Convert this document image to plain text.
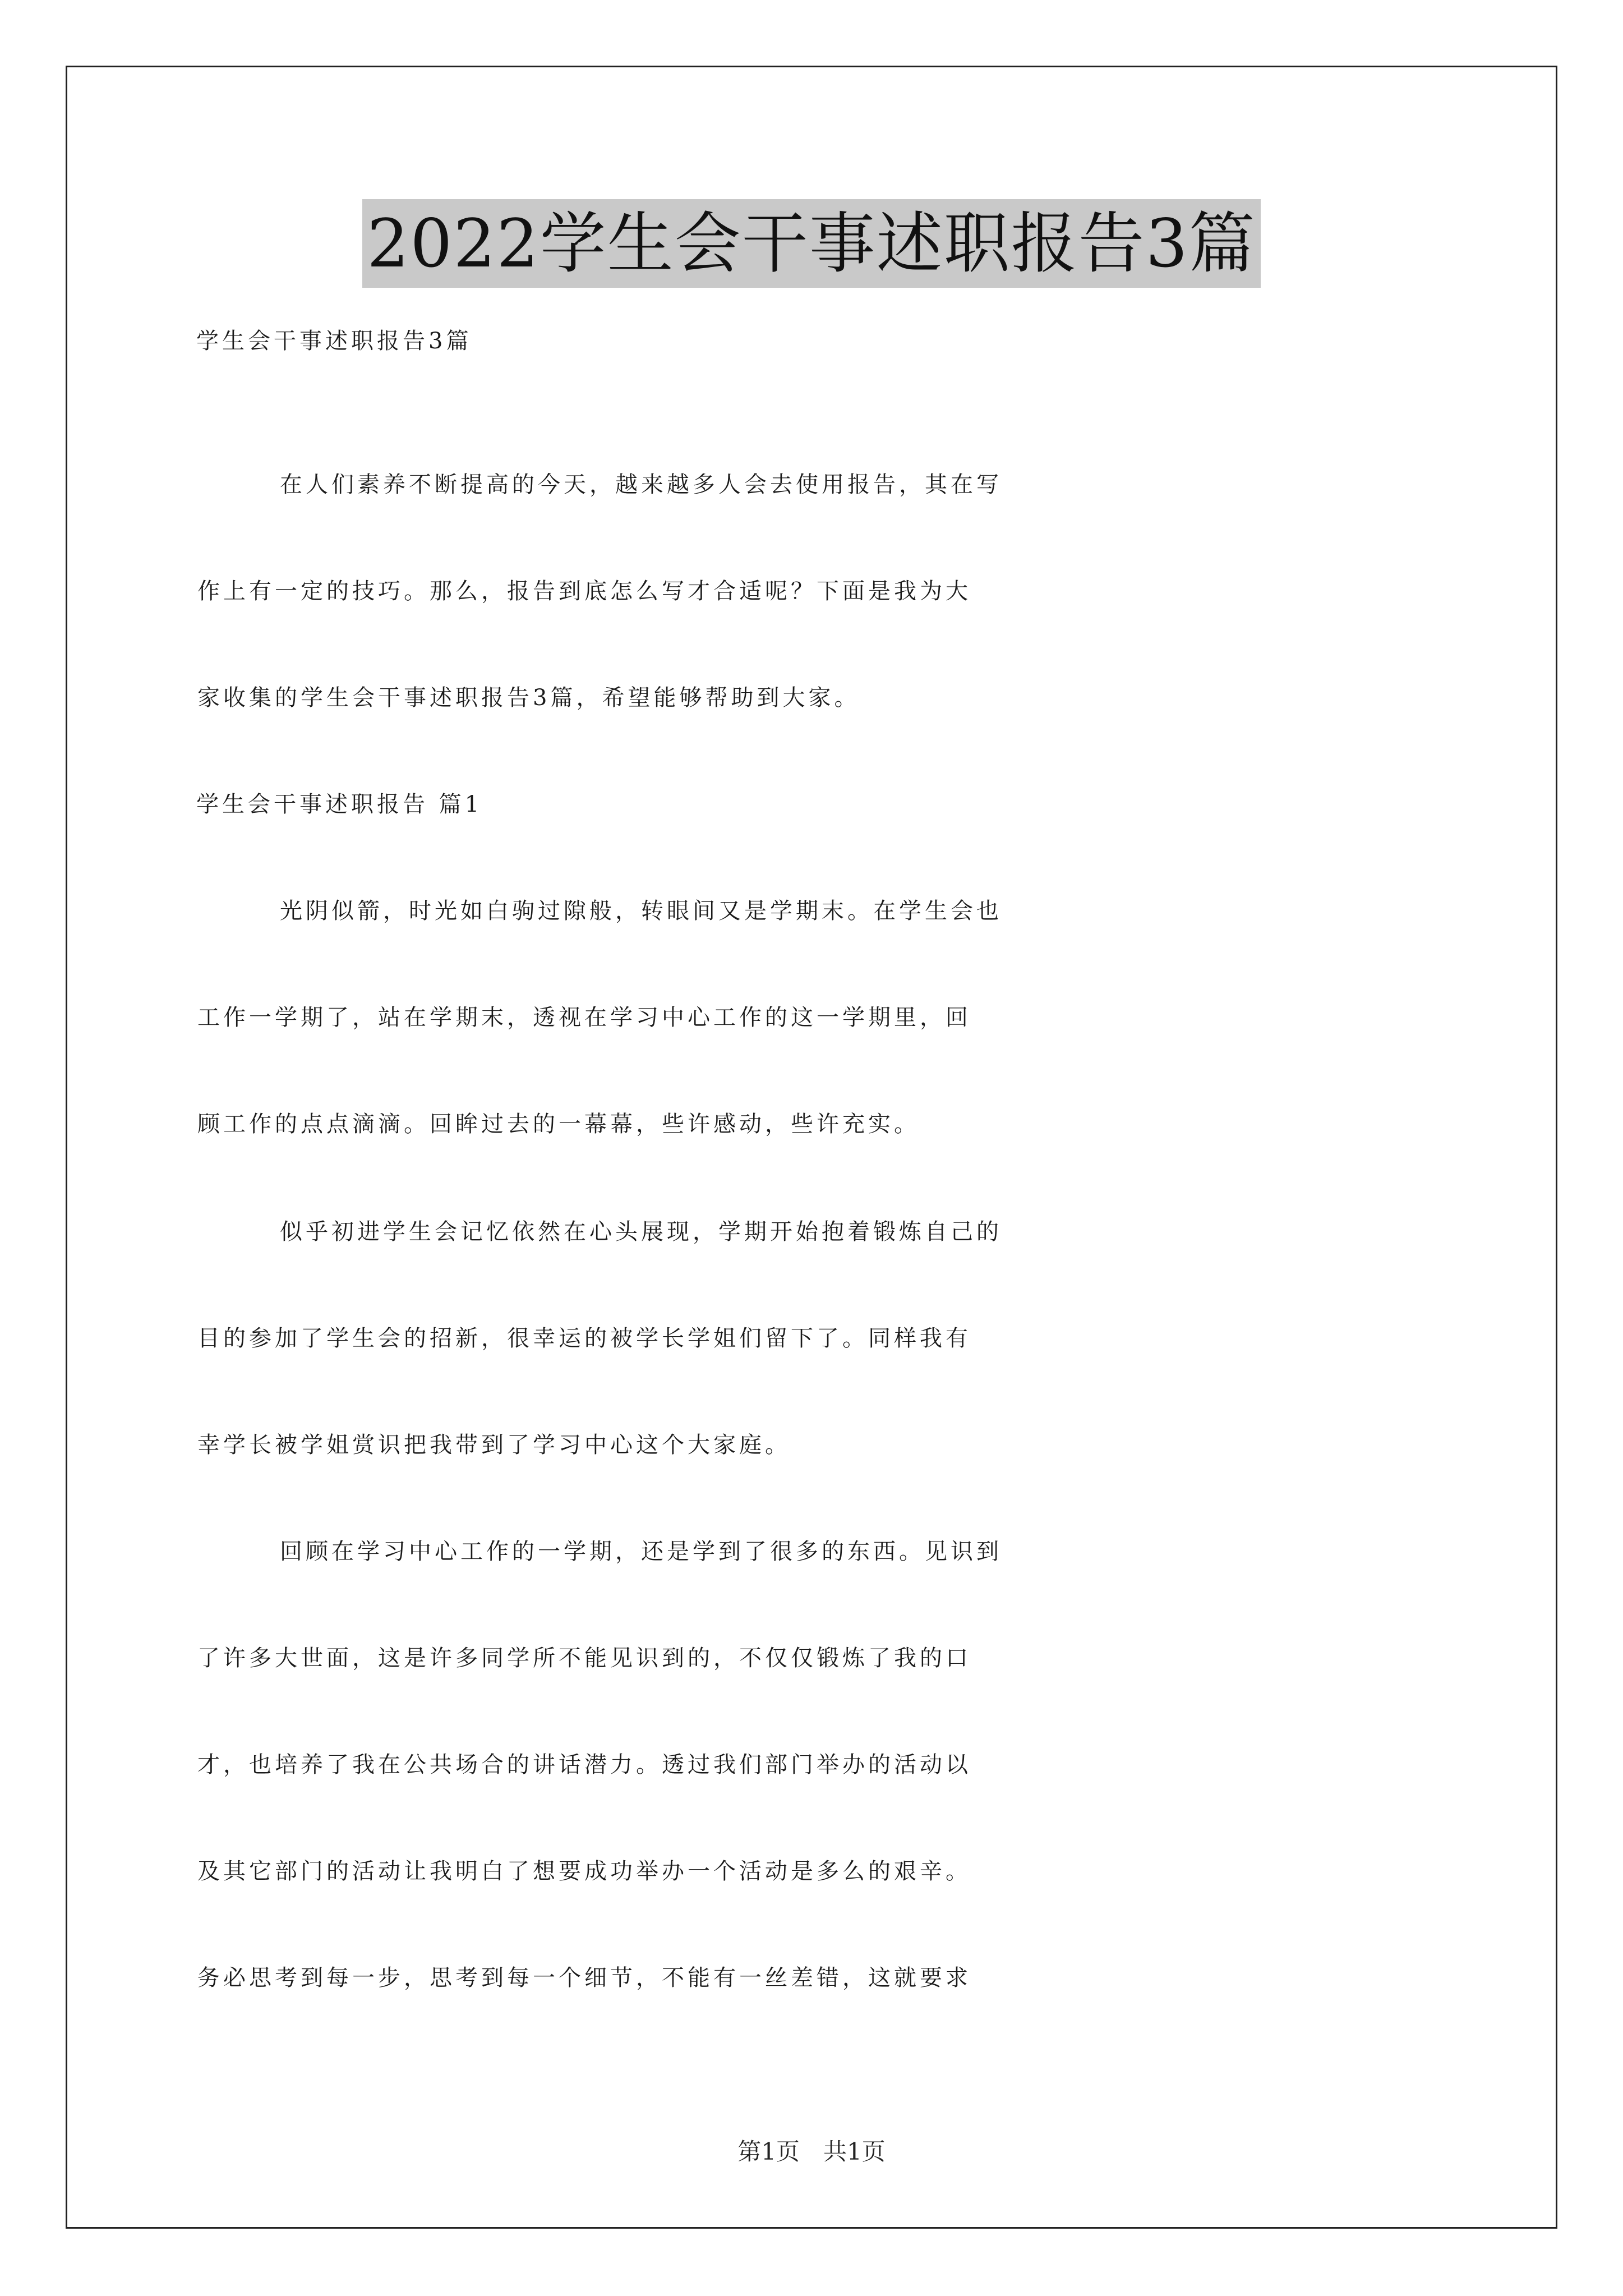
2022学生会干事述职报告3篇
学生会干事述职报告3篇
在人们素养不断提高的今天，越来越多人会去使用报告，其在写
作上有一定的技巧。那么，报告到底怎么写才合适呢？下面是我为大
家收集的学生会干事述职报告3篇，希望能够帮助到大家。
学生会干事述职报告 篇1
光阴似箭，时光如白驹过隙般，转眼间又是学期末。在学生会也
工作一学期了，站在学期末，透视在学习中心工作的这一学期里，回
顾工作的点点滴滴。回眸过去的一幕幕，些许感动，些许充实。
似乎初进学生会记忆依然在心头展现，学期开始抱着锻炼自己的
目的参加了学生会的招新，很幸运的被学长学姐们留下了。同样我有
幸学长被学姐赏识把我带到了学习中心这个大家庭。
回顾在学习中心工作的一学期，还是学到了很多的东西。见识到
了许多大世面，这是许多同学所不能见识到的，不仅仅锻炼了我的口
才，也培养了我在公共场合的讲话潜力。透过我们部门举办的活动以
及其它部门的活动让我明白了想要成功举办一个活动是多么的艰辛。
务必思考到每一步，思考到每一个细节，不能有一丝差错，这就要求
第1页　共1页
